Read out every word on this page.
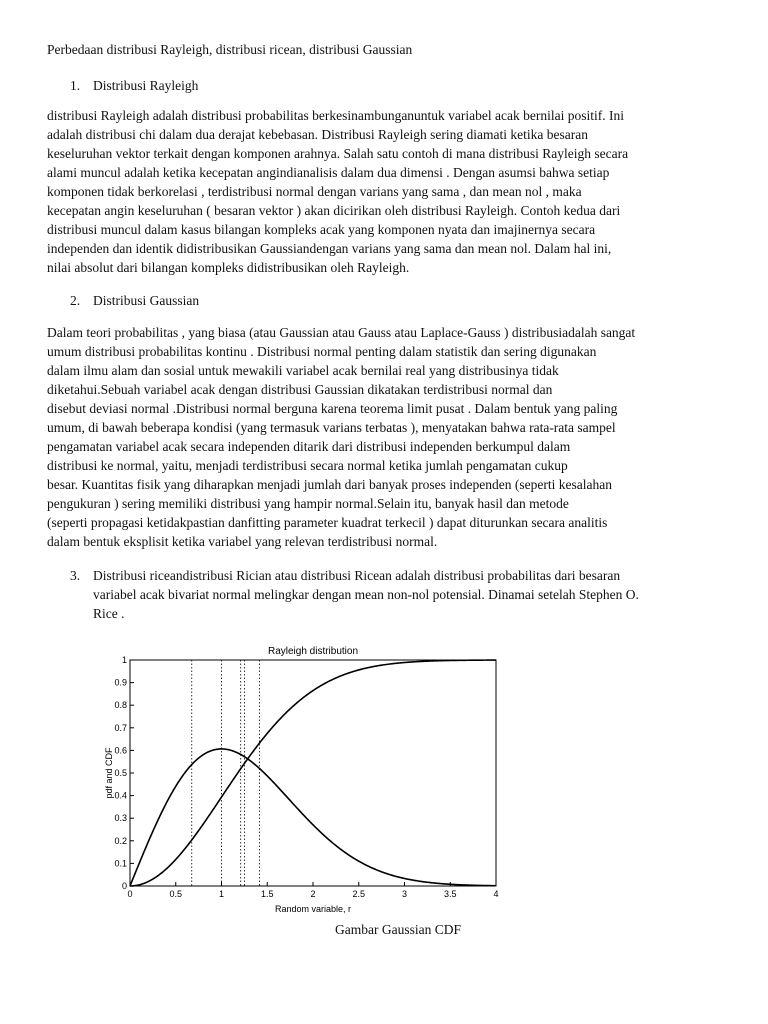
Perbedaan distribusi Rayleigh, distribusi ricean, distribusi Gaussian

1. Distribusi Rayleigh

distribusi Rayleigh adalah distribusi probabilitas berkesinambunganuntuk variabel acak bernilai positif. Ini
adalah distribusi chi dalam dua derajat kebebasan. Distribusi Rayleigh sering diamati ketika besaran
keseluruhan vektor terkait dengan komponen arahnya. Salah satu contoh di mana distribusi Rayleigh secara
alami muncul adalah ketika kecepatan angindianalisis dalam dua dimensi . Dengan asumsi bahwa setiap
komponen tidak berkorelasi , terdistribusi normal dengan varians yang sama , dan mean nol , maka
kecepatan angin keseluruhan ( besaran vektor ) akan dicirikan oleh distribusi Rayleigh. Contoh kedua dari
distribusi muncul dalam kasus bilangan kompleks acak yang komponen nyata dan imajinernya secara
independen dan identik didistribusikan Gaussiandengan varians yang sama dan mean nol. Dalam hal ini,
nilai absolut dari bilangan kompleks didistribusikan oleh Rayleigh.

2. Distribusi Gaussian

Dalam teori probabilitas , yang biasa (atau Gaussian atau Gauss atau Laplace-Gauss ) distribusiadalah sangat
umum distribusi probabilitas kontinu . Distribusi normal penting dalam statistik dan sering digunakan
dalam ilmu alam dan sosial untuk mewakili variabel acak bernilai real yang distribusinya tidak
diketahui.Sebuah variabel acak dengan distribusi Gaussian dikatakan terdistribusi normal dan
disebut deviasi normal .Distribusi normal berguna karena teorema limit pusat . Dalam bentuk yang paling
umum, di bawah beberapa kondisi (yang termasuk varians terbatas ), menyatakan bahwa rata-rata sampel
pengamatan variabel acak secara independen ditarik dari distribusi independen berkumpul dalam
distribusi ke normal, yaitu, menjadi terdistribusi secara normal ketika jumlah pengamatan cukup
besar. Kuantitas fisik yang diharapkan menjadi jumlah dari banyak proses independen (seperti kesalahan
pengukuran ) sering memiliki distribusi yang hampir normal.Selain itu, banyak hasil dan metode
(seperti propagasi ketidakpastian danfitting parameter kuadrat terkecil ) dapat diturunkan secara analitis
dalam bentuk eksplisit ketika variabel yang relevan terdistribusi normal.

3. Distribusi riceandistribusi Rician atau distribusi Ricean adalah distribusi probabilitas dari besaran
variabel acak bivariat normal melingkar dengan mean non-nol potensial. Dinamai setelah Stephen O.
Rice .
Rayleigh distribution
Random variable, r
pdf and CDF
0	0.5	1	1.5	2	2.5	3	3.5	4
0
0.1
0.2
0.3
0.4
0.5
0.6
0.7
0.8
0.9
1

Gambar Gaussian CDF
